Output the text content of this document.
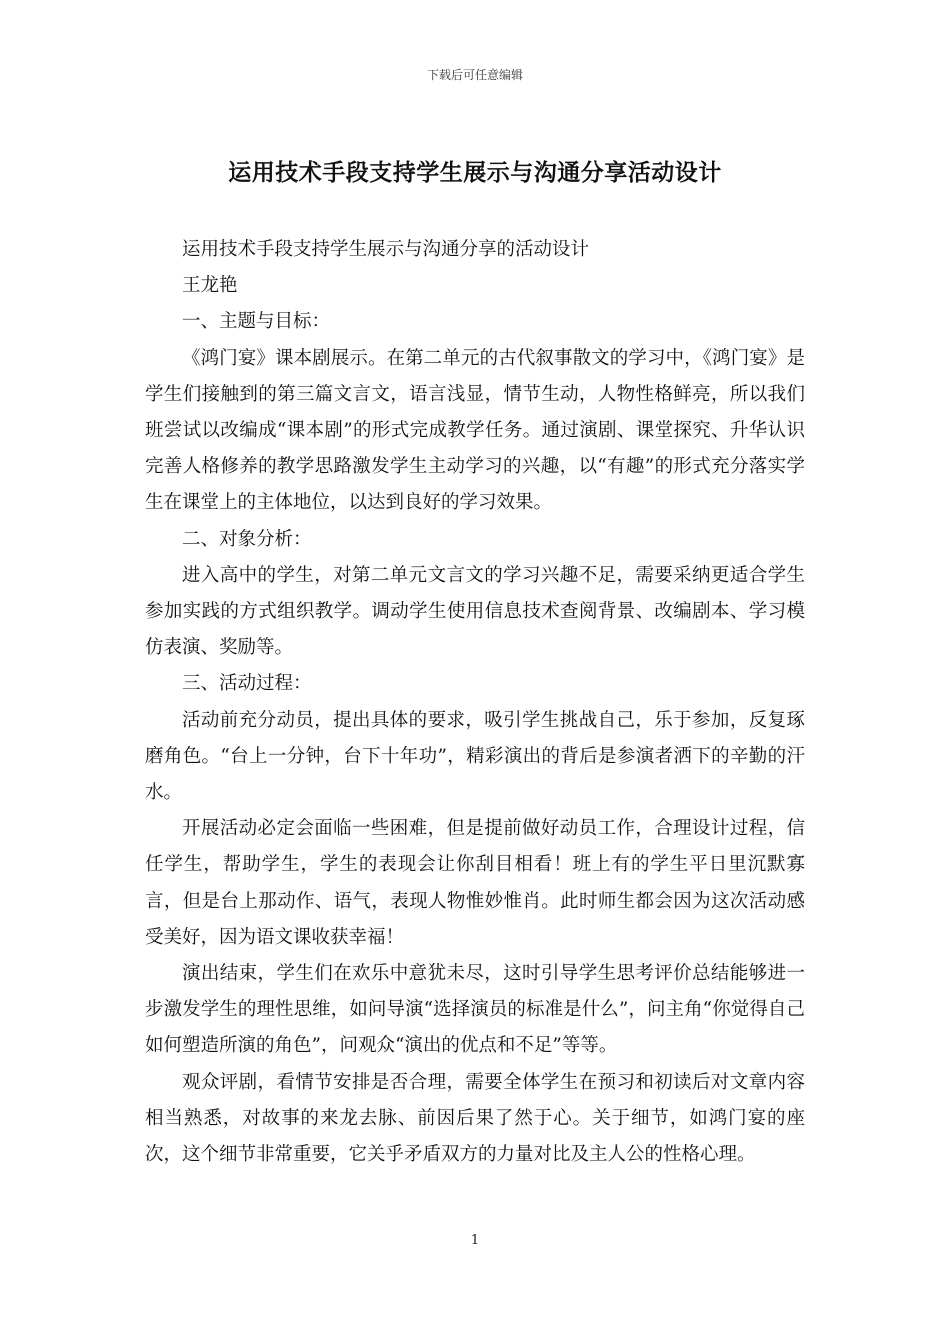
下载后可任意编辑
运用技术手段支持学生展示与沟通分享活动设计

运用技术手段支持学生展示与沟通分享的活动设计

王龙艳

一、主题与目标：

《鸿门宴》课本剧展示。在第二单元的古代叙事散文的学习中，《鸿门宴》是学生们接触到的第三篇文言文，语言浅显，情节生动，人物性格鲜亮，所以我们班尝试以改编成“课本剧”的形式完成教学任务。通过演剧、课堂探究、升华认识完善人格修养的教学思路激发学生主动学习的兴趣，以“有趣”的形式充分落实学生在课堂上的主体地位，以达到良好的学习效果。

二、对象分析：

进入高中的学生，对第二单元文言文的学习兴趣不足，需要采纳更适合学生参加实践的方式组织教学。调动学生使用信息技术查阅背景、改编剧本、学习模仿表演、奖励等。

三、活动过程：

活动前充分动员，提出具体的要求，吸引学生挑战自己，乐于参加，反复琢磨角色。“台上一分钟，台下十年功”，精彩演出的背后是参演者洒下的辛勤的汗水。

开展活动必定会面临一些困难，但是提前做好动员工作，合理设计过程，信任学生，帮助学生，学生的表现会让你刮目相看！班上有的学生平日里沉默寡言，但是台上那动作、语气，表现人物惟妙惟肖。此时师生都会因为这次活动感受美好，因为语文课收获幸福！

演出结束，学生们在欢乐中意犹未尽，这时引导学生思考评价总结能够进一步激发学生的理性思维，如问导演“选择演员的标准是什么”，问主角“你觉得自己如何塑造所演的角色”，问观众“演出的优点和不足”等等。

观众评剧，看情节安排是否合理，需要全体学生在预习和初读后对文章内容相当熟悉，对故事的来龙去脉、前因后果了然于心。关于细节，如鸿门宴的座次，这个细节非常重要，它关乎矛盾双方的力量对比及主人公的性格心理。

1
